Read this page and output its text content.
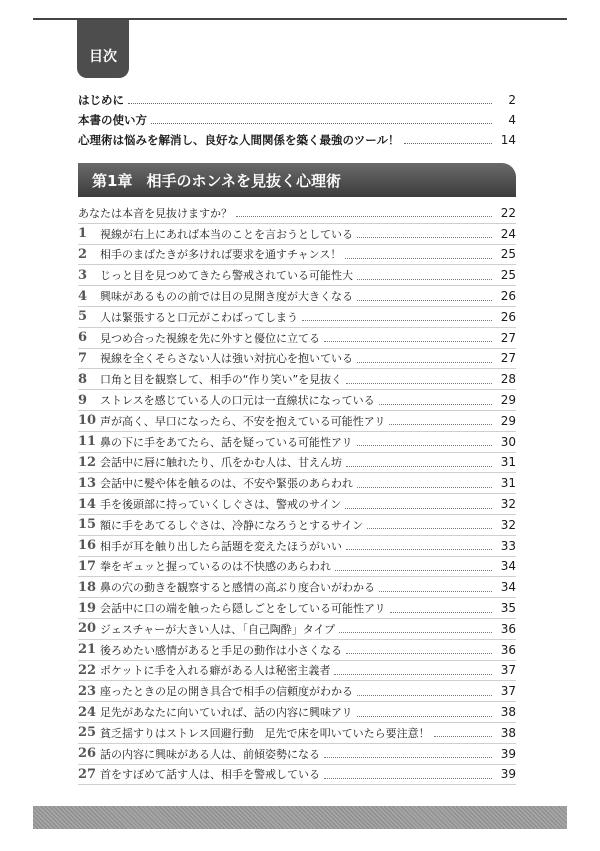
目次
はじめに	2
本書の使い方	4
心理術は悩みを解消し、良好な人間関係を築く最強のツール！	14
第1章 相手のホンネを見抜く心理術
あなたは本音を見抜けますか？	22
1	視線が右上にあれば本当のことを言おうとしている	24
2	相手のまばたきが多ければ要求を通すチャンス！	25
3	じっと目を見つめてきたら警戒されている可能性大	25
4	興味があるものの前では目の見開き度が大きくなる	26
5	人は緊張すると口元がこわばってしまう	26
6	見つめ合った視線を先に外すと優位に立てる	27
7	視線を全くそらさない人は強い対抗心を抱いている	27
8	口角と目を観察して、相手の“作り笑い”を見抜く	28
9	ストレスを感じている人の口元は一直線状になっている	29
10 声が高く、早口になったら、不安を抱えている可能性アリ	29
11 鼻の下に手をあてたら、話を疑っている可能性アリ	30
12 会話中に唇に触れたり、爪をかむ人は、甘えん坊	31
13 会話中に髪や体を触るのは、不安や緊張のあらわれ	31
14 手を後頭部に持っていくしぐさは、警戒のサイン	32
15 額に手をあてるしぐさは、冷静になろうとするサイン	32
16 相手が耳を触り出したら話題を変えたほうがいい	33
17 拳をギュッと握っているのは不快感のあらわれ	34
18 鼻の穴の動きを観察すると感情の高ぶり度合いがわかる	34
19 会話中に口の端を触ったら隠しごとをしている可能性アリ	35
20 ジェスチャーが大きい人は、「自己陶酔」タイプ	36
21 後ろめたい感情があると手足の動作は小さくなる	36
22 ポケットに手を入れる癖がある人は秘密主義者	37
23 座ったときの足の開き具合で相手の信頼度がわかる	37
24 足先があなたに向いていれば、話の内容に興味アリ	38
25 貧乏揺すりはストレス回避行動　足先で床を叩いていたら要注意！	38
26 話の内容に興味がある人は、前傾姿勢になる	39
27 首をすぼめて話す人は、相手を警戒している	39
